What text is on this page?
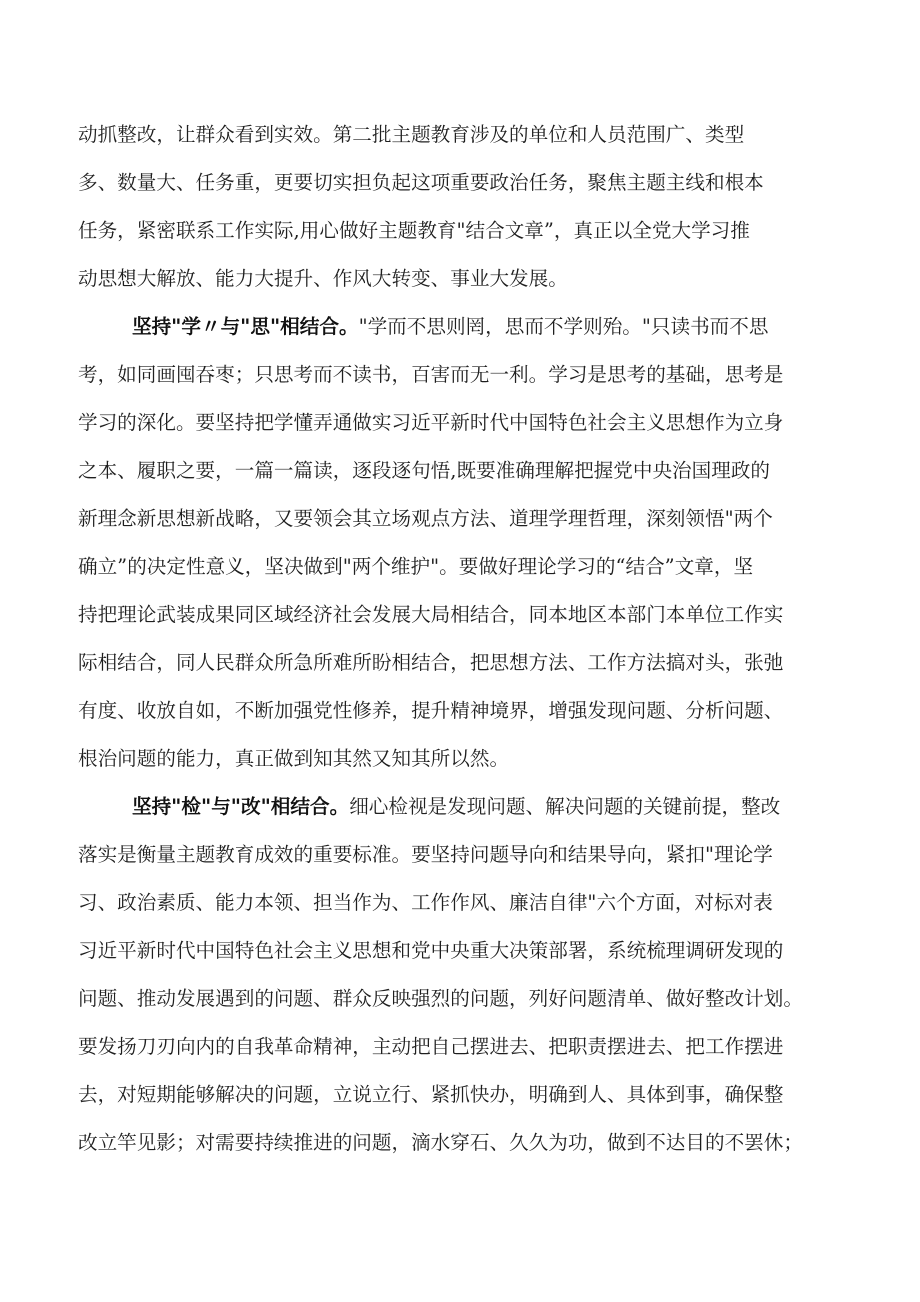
动抓整改，让群众看到实效。第二批主题教育涉及的单位和人员范围广、类型
多、数量大、任务重，更要切实担负起这项重要政治任务，聚焦主题主线和根本
任务，紧密联系工作实际,用心做好主题教育"结合文章”，真正以全党大学习推
动思想大解放、能力大提升、作风大转变、事业大发展。
坚持"学〃与"思"相结合。"学而不思则罔，思而不学则殆。"只读书而不思
考，如同画囤吞枣；只思考而不读书，百害而无一利。学习是思考的基础，思考是
学习的深化。要坚持把学懂弄通做实习近平新时代中国特色社会主义思想作为立身
之本、履职之要，一篇一篇读，逐段逐句悟,既要准确理解把握党中央治国理政的
新理念新思想新战略，又要领会其立场观点方法、道理学理哲理，深刻领悟"两个
确立”的决定性意义，坚决做到"两个维护"。要做好理论学习的“结合”文章，坚
持把理论武装成果同区域经济社会发展大局相结合，同本地区本部门本单位工作实
际相结合，同人民群众所急所难所盼相结合，把思想方法、工作方法搞对头，张弛
有度、收放自如，不断加强党性修养，提升精神境界，增强发现问题、分析问题、
根治问题的能力，真正做到知其然又知其所以然。
坚持"检"与"改"相结合。细心检视是发现问题、解决问题的关键前提，整改
落实是衡量主题教育成效的重要标准。要坚持问题导向和结果导向，紧扣"理论学
习、政治素质、能力本领、担当作为、工作作风、廉洁自律"六个方面，对标对表
习近平新时代中国特色社会主义思想和党中央重大决策部署，系统梳理调研发现的
问题、推动发展遇到的问题、群众反映强烈的问题，列好问题清单、做好整改计划。
要发扬刀刃向内的自我革命精神，主动把自己摆进去、把职责摆进去、把工作摆进
去，对短期能够解决的问题，立说立行、紧抓快办，明确到人、具体到事，确保整
改立竿见影；对需要持续推进的问题，滴水穿石、久久为功，做到不达目的不罢休；
